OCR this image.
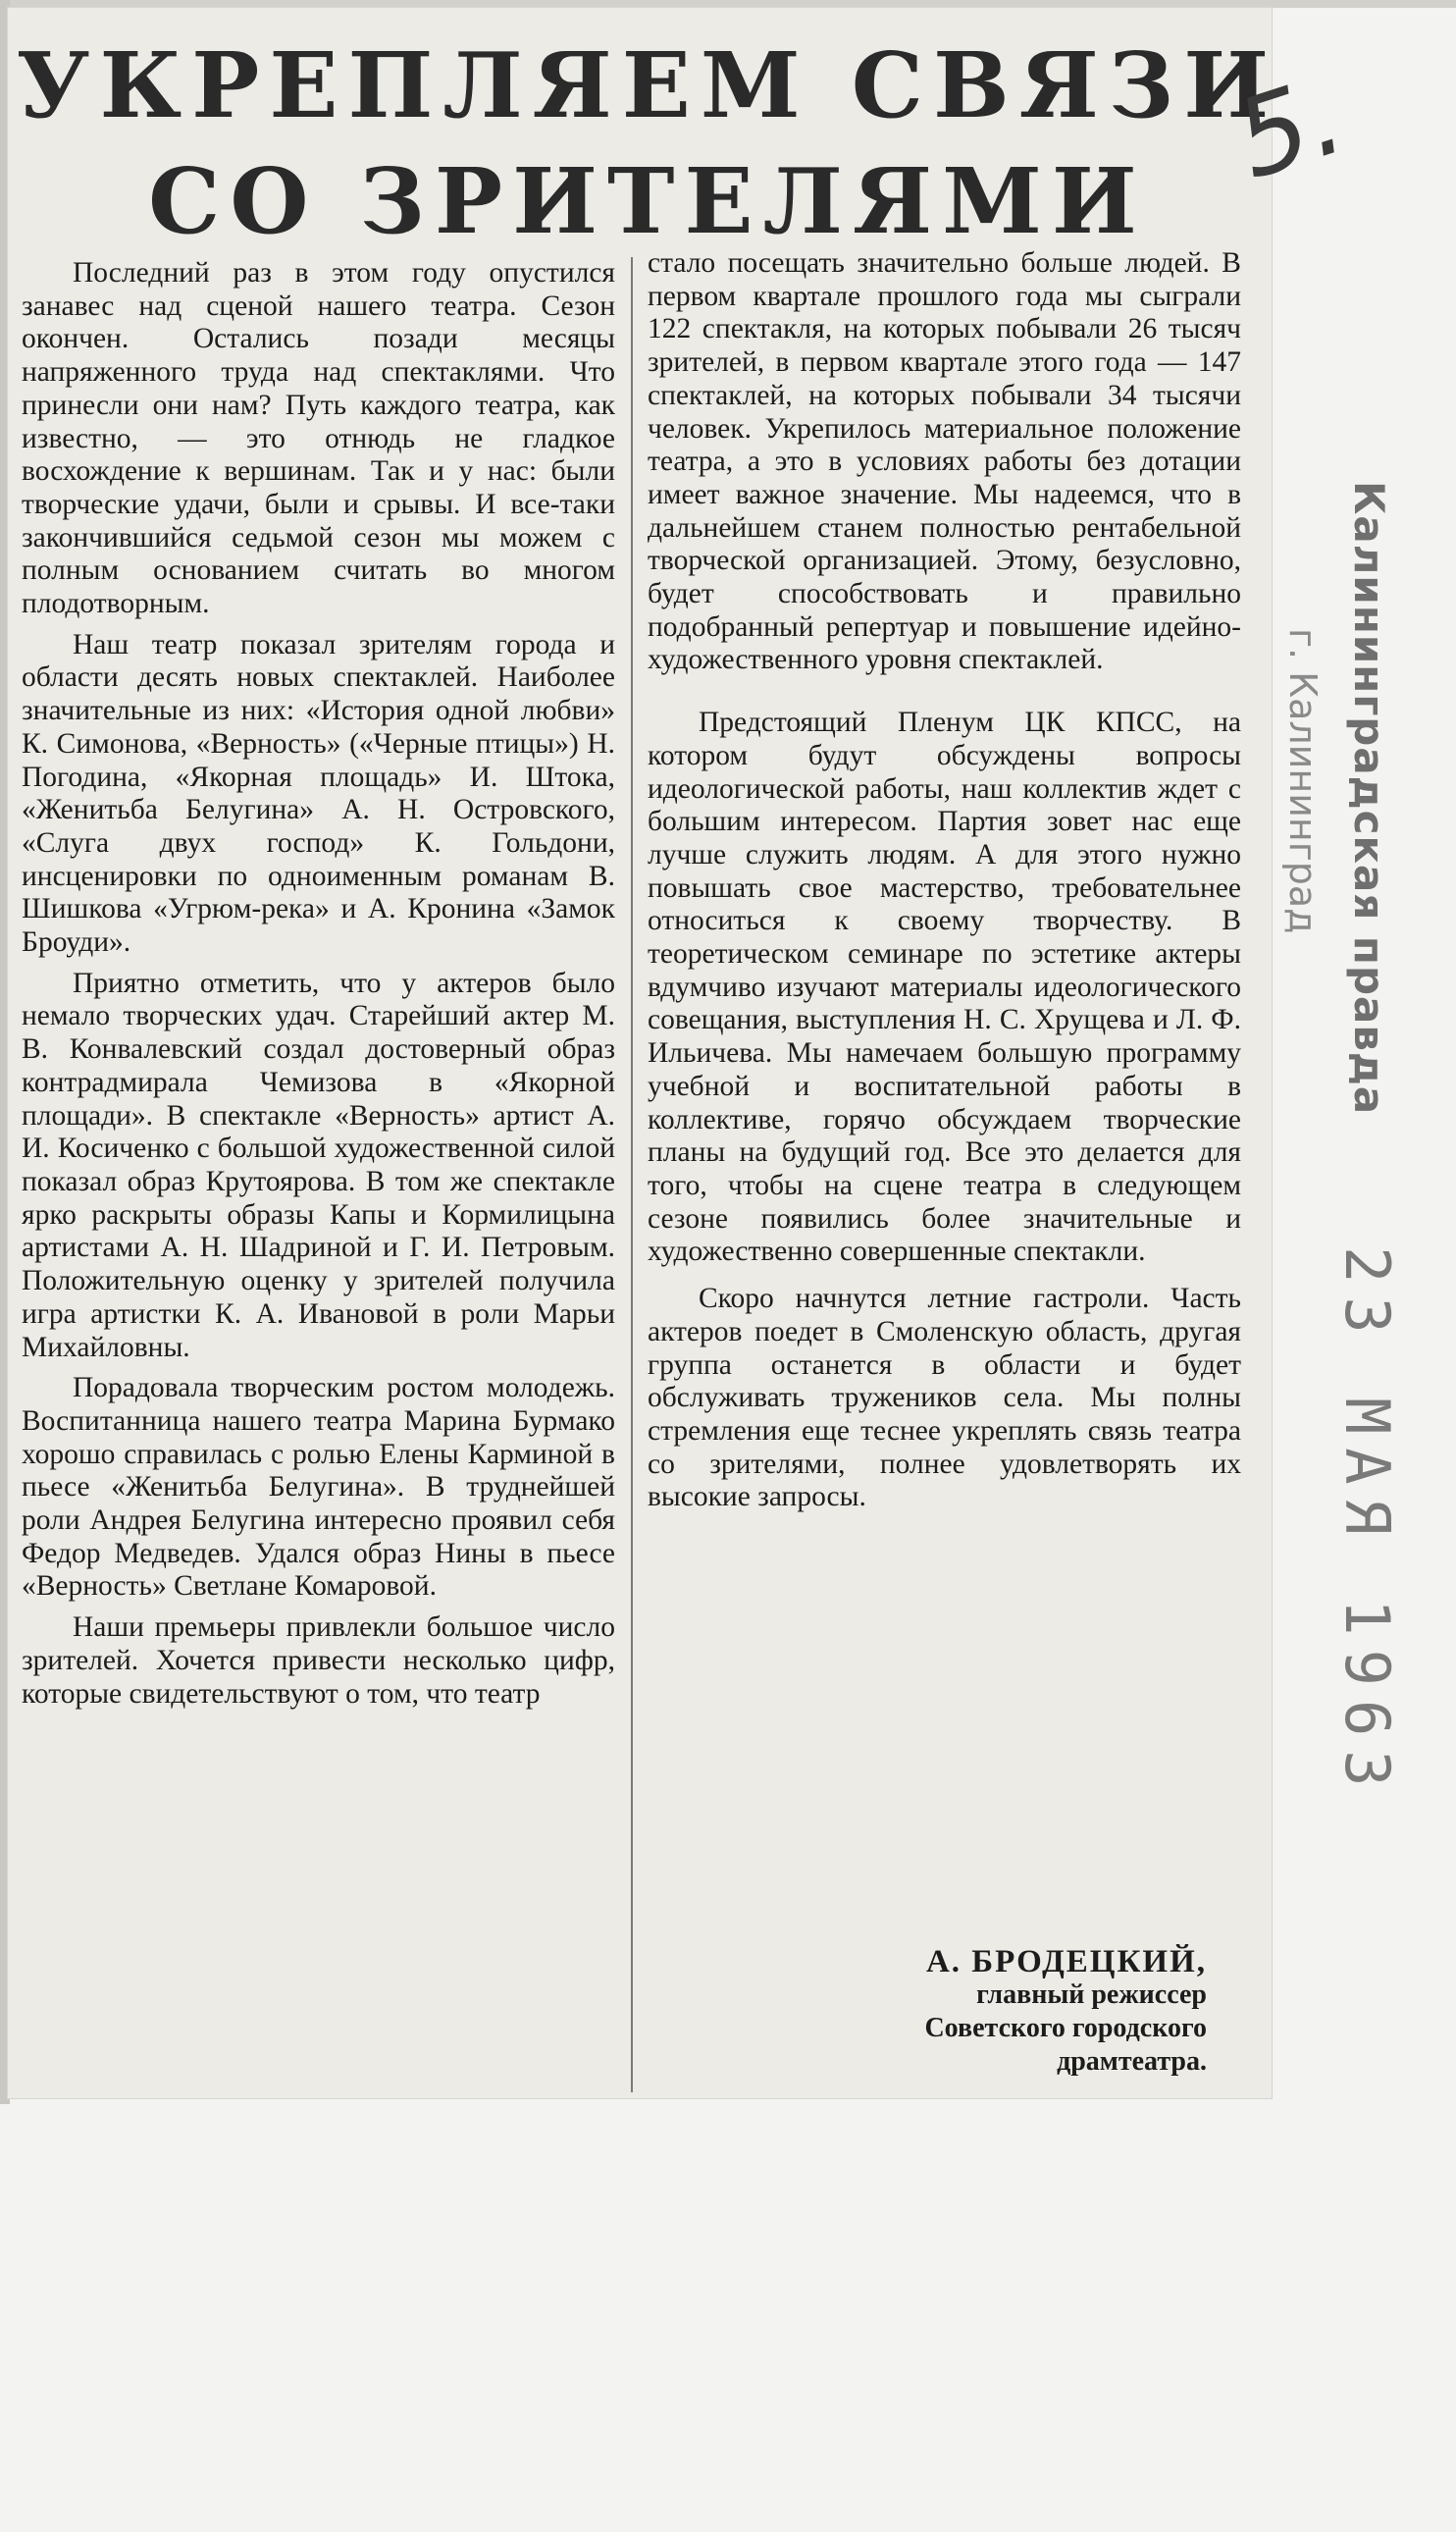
УКРЕПЛЯЕМ СВЯЗИ
СО ЗРИТЕЛЯМИ 5.

Последний раз в этом году опустился занавес над сценой нашего театра. Сезон окончен. Остались позади месяцы напряженного труда над спектаклями. Что принесли они нам? Путь каждого театра, как известно, — это отнюдь не гладкое восхождение к вершинам. Так и у нас: были творческие удачи, были и срывы. И все-таки закончившийся седьмой сезон мы можем с полным основанием считать во многом плодотворным.

Наш театр показал зрителям города и области десять новых спектаклей. Наиболее значительные из них: «История одной любви» К. Симонова, «Верность» («Черные птицы») Н. Погодина, «Якорная площадь» И. Штока, «Женитьба Белугина» А. Н. Островского, «Слуга двух господ» К. Гольдони, инсценировки по одноименным романам В. Шишкова «Угрюм-река» и А. Кронина «Замок Броуди».

Приятно отметить, что у актеров было немало творческих удач. Старейший актер М. В. Конвалевский создал достоверный образ контрадмирала Чемизова в «Якорной площади». В спектакле «Верность» артист А. И. Косиченко с большой художественной силой показал образ Крутоярова. В том же спектакле ярко раскрыты образы Капы и Кормилицына артистами А. Н. Шадриной и Г. И. Петровым. Положительную оценку у зрителей получила игра артистки К. А. Ивановой в роли Марьи Михайловны.

Порадовала творческим ростом молодежь. Воспитанница нашего театра Марина Бурмако хорошо справилась с ролью Елены Карминой в пьесе «Женитьба Белугина». В труднейшей роли Андрея Белугина интересно проявил себя Федор Медведев. Удался образ Нины в пьесе «Верность» Светлане Комаровой.

Наши премьеры привлекли большое число зрителей. Хочется привести несколько цифр, которые свидетельствуют о том, что театр

стало посещать значительно больше людей. В первом квартале прошлого года мы сыграли 122 спектакля, на которых побывали 26 тысяч зрителей, в первом квартале этого года — 147 спектаклей, на которых побывали 34 тысячи человек. Укрепилось материальное положение театра, а это в условиях работы без дотации имеет важное значение. Мы надеемся, что в дальнейшем станем полностью рентабельной творческой организацией. Этому, безусловно, будет способствовать и правильно подобранный репертуар и повышение идейно-художественного уровня спектаклей.

Предстоящий Пленум ЦК КПСС, на котором будут обсуждены вопросы идеологической работы, наш коллектив ждет с большим интересом. Партия зовет нас еще лучше служить людям. А для этого нужно повышать свое мастерство, требовательнее относиться к своему творчеству. В теоретическом семинаре по эстетике актеры вдумчиво изучают материалы идеологического совещания, выступления Н. С. Хрущева и Л. Ф. Ильичева. Мы намечаем большую программу учебной и воспитательной работы в коллективе, горячо обсуждаем творческие планы на будущий год. Все это делается для того, чтобы на сцене театра в следующем сезоне появились более значительные и художественно совершенные спектакли.

Скоро начнутся летние гастроли. Часть актеров поедет в Смоленскую область, другая группа останется в области и будет обслуживать тружеников села. Мы полны стремления еще теснее укреплять связь театра со зрителями, полнее удовлетворять их высокие запросы.

А. БРОДЕЦКИЙ,
главный режиссер
Советского городского
драмтеатра.
Калининградская правда
г. Калининград
23 МАЯ 1963
